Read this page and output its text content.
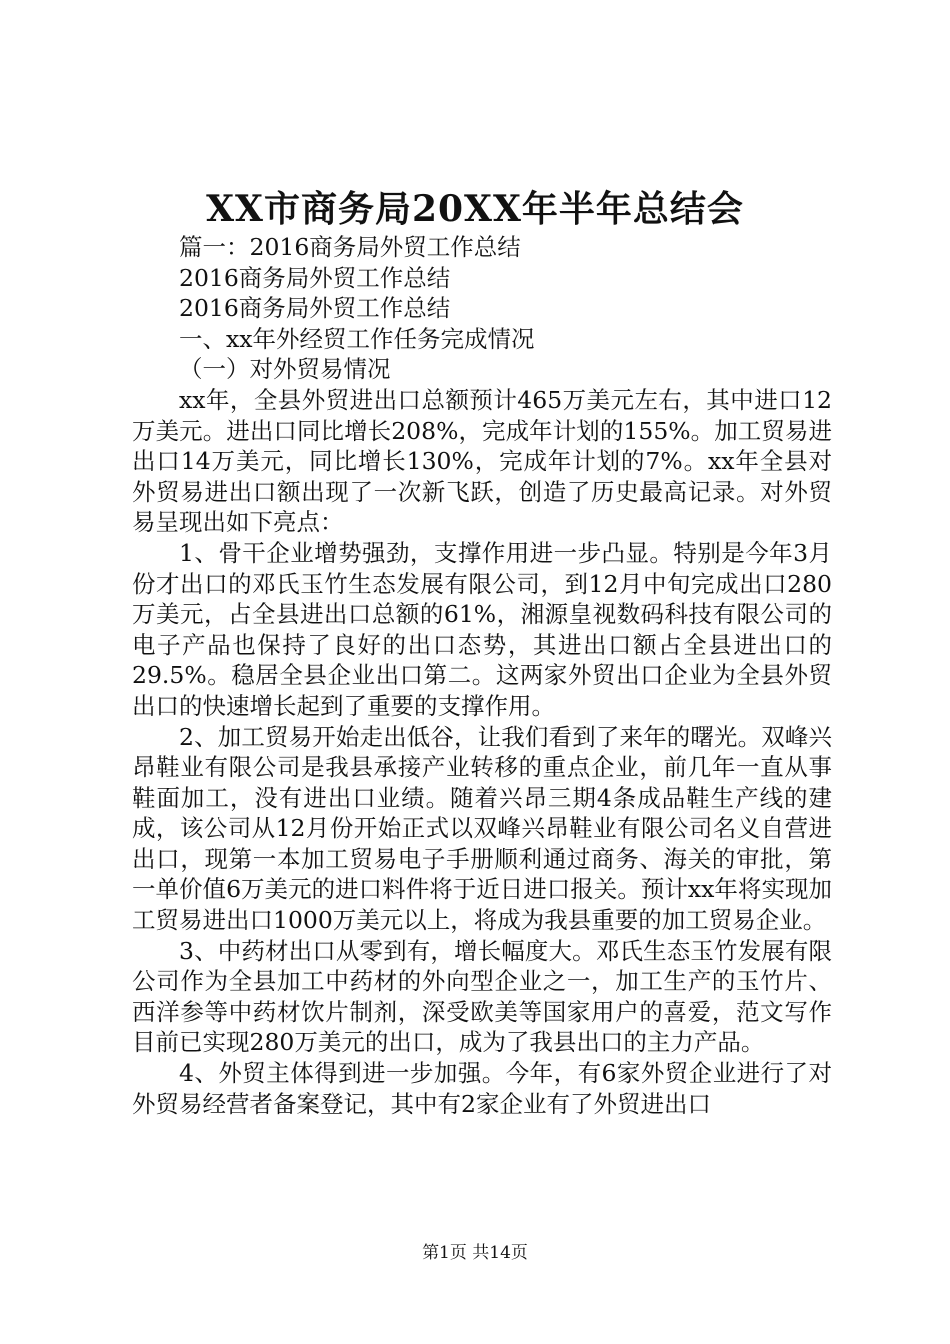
XX市商务局20XX年半年总结会

篇一：2016商务局外贸工作总结

2016商务局外贸工作总结

2016商务局外贸工作总结

一、xx年外经贸工作任务完成情况

（一）对外贸易情况

xx年，全县外贸进出口总额预计465万美元左右，其中进口12万美元。进出口同比增长208%，完成年计划的155%。加工贸易进出口14万美元，同比增长130%，完成年计划的7%。xx年全县对外贸易进出口额出现了一次新飞跃，创造了历史最高记录。对外贸易呈现出如下亮点：

1、骨干企业增势强劲，支撑作用进一步凸显。特别是今年3月份才出口的邓氏玉竹生态发展有限公司，到12月中旬完成出口280万美元，占全县进出口总额的61%，湘源皇视数码科技有限公司的电子产品也保持了良好的出口态势，其进出口额占全县进出口的29.5%。稳居全县企业出口第二。这两家外贸出口企业为全县外贸出口的快速增长起到了重要的支撑作用。

2、加工贸易开始走出低谷，让我们看到了来年的曙光。双峰兴昂鞋业有限公司是我县承接产业转移的重点企业，前几年一直从事鞋面加工，没有进出口业绩。随着兴昂三期4条成品鞋生产线的建成，该公司从12月份开始正式以双峰兴昂鞋业有限公司名义自营进出口，现第一本加工贸易电子手册顺利通过商务、海关的审批，第一单价值6万美元的进口料件将于近日进口报关。预计xx年将实现加工贸易进出口1000万美元以上，将成为我县重要的加工贸易企业。

3、中药材出口从零到有，增长幅度大。邓氏生态玉竹发展有限公司作为全县加工中药材的外向型企业之一，加工生产的玉竹片、西洋参等中药材饮片制剂，深受欧美等国家用户的喜爱，范文写作目前已实现280万美元的出口，成为了我县出口的主力产品。

4、外贸主体得到进一步加强。今年，有6家外贸企业进行了对外贸易经营者备案登记，其中有2家企业有了外贸进出口

第1页 共14页
